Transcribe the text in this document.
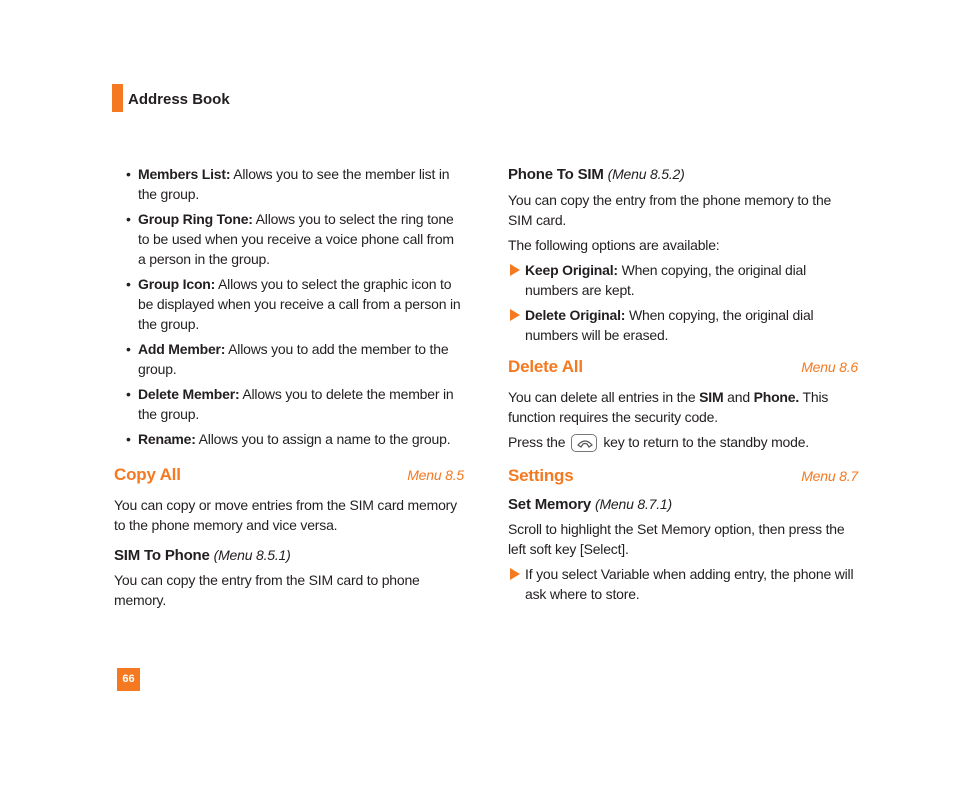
Address Book
• Members List: Allows you to see the member list in the group.
• Group Ring Tone: Allows you to select the ring tone to be used when you receive a voice phone call from a person in the group.
• Group Icon: Allows you to select the graphic icon to be displayed when you receive a call from a person in the group.
• Add Member: Allows you to add the member to the group.
• Delete Member: Allows you to delete the member in the group.
• Rename: Allows you to assign a name to the group.
Copy All	Menu 8.5
You can copy or move entries from the SIM card memory to the phone memory and vice versa.
SIM To Phone (Menu 8.5.1)
You can copy the entry from the SIM card to phone memory.
Phone To SIM (Menu 8.5.2)
You can copy the entry from the phone memory to the SIM card.
The following options are available:
Keep Original: When copying, the original dial numbers are kept.
Delete Original: When copying, the original dial numbers will be erased.
Delete All	Menu 8.6
You can delete all entries in the SIM and Phone. This function requires the security code.
Press the	key to return to the standby mode.
Settings	Menu 8.7
Set Memory (Menu 8.7.1)
Scroll to highlight the Set Memory option, then press the left soft key [Select].
If you select Variable when adding entry, the phone will ask where to store.
66
